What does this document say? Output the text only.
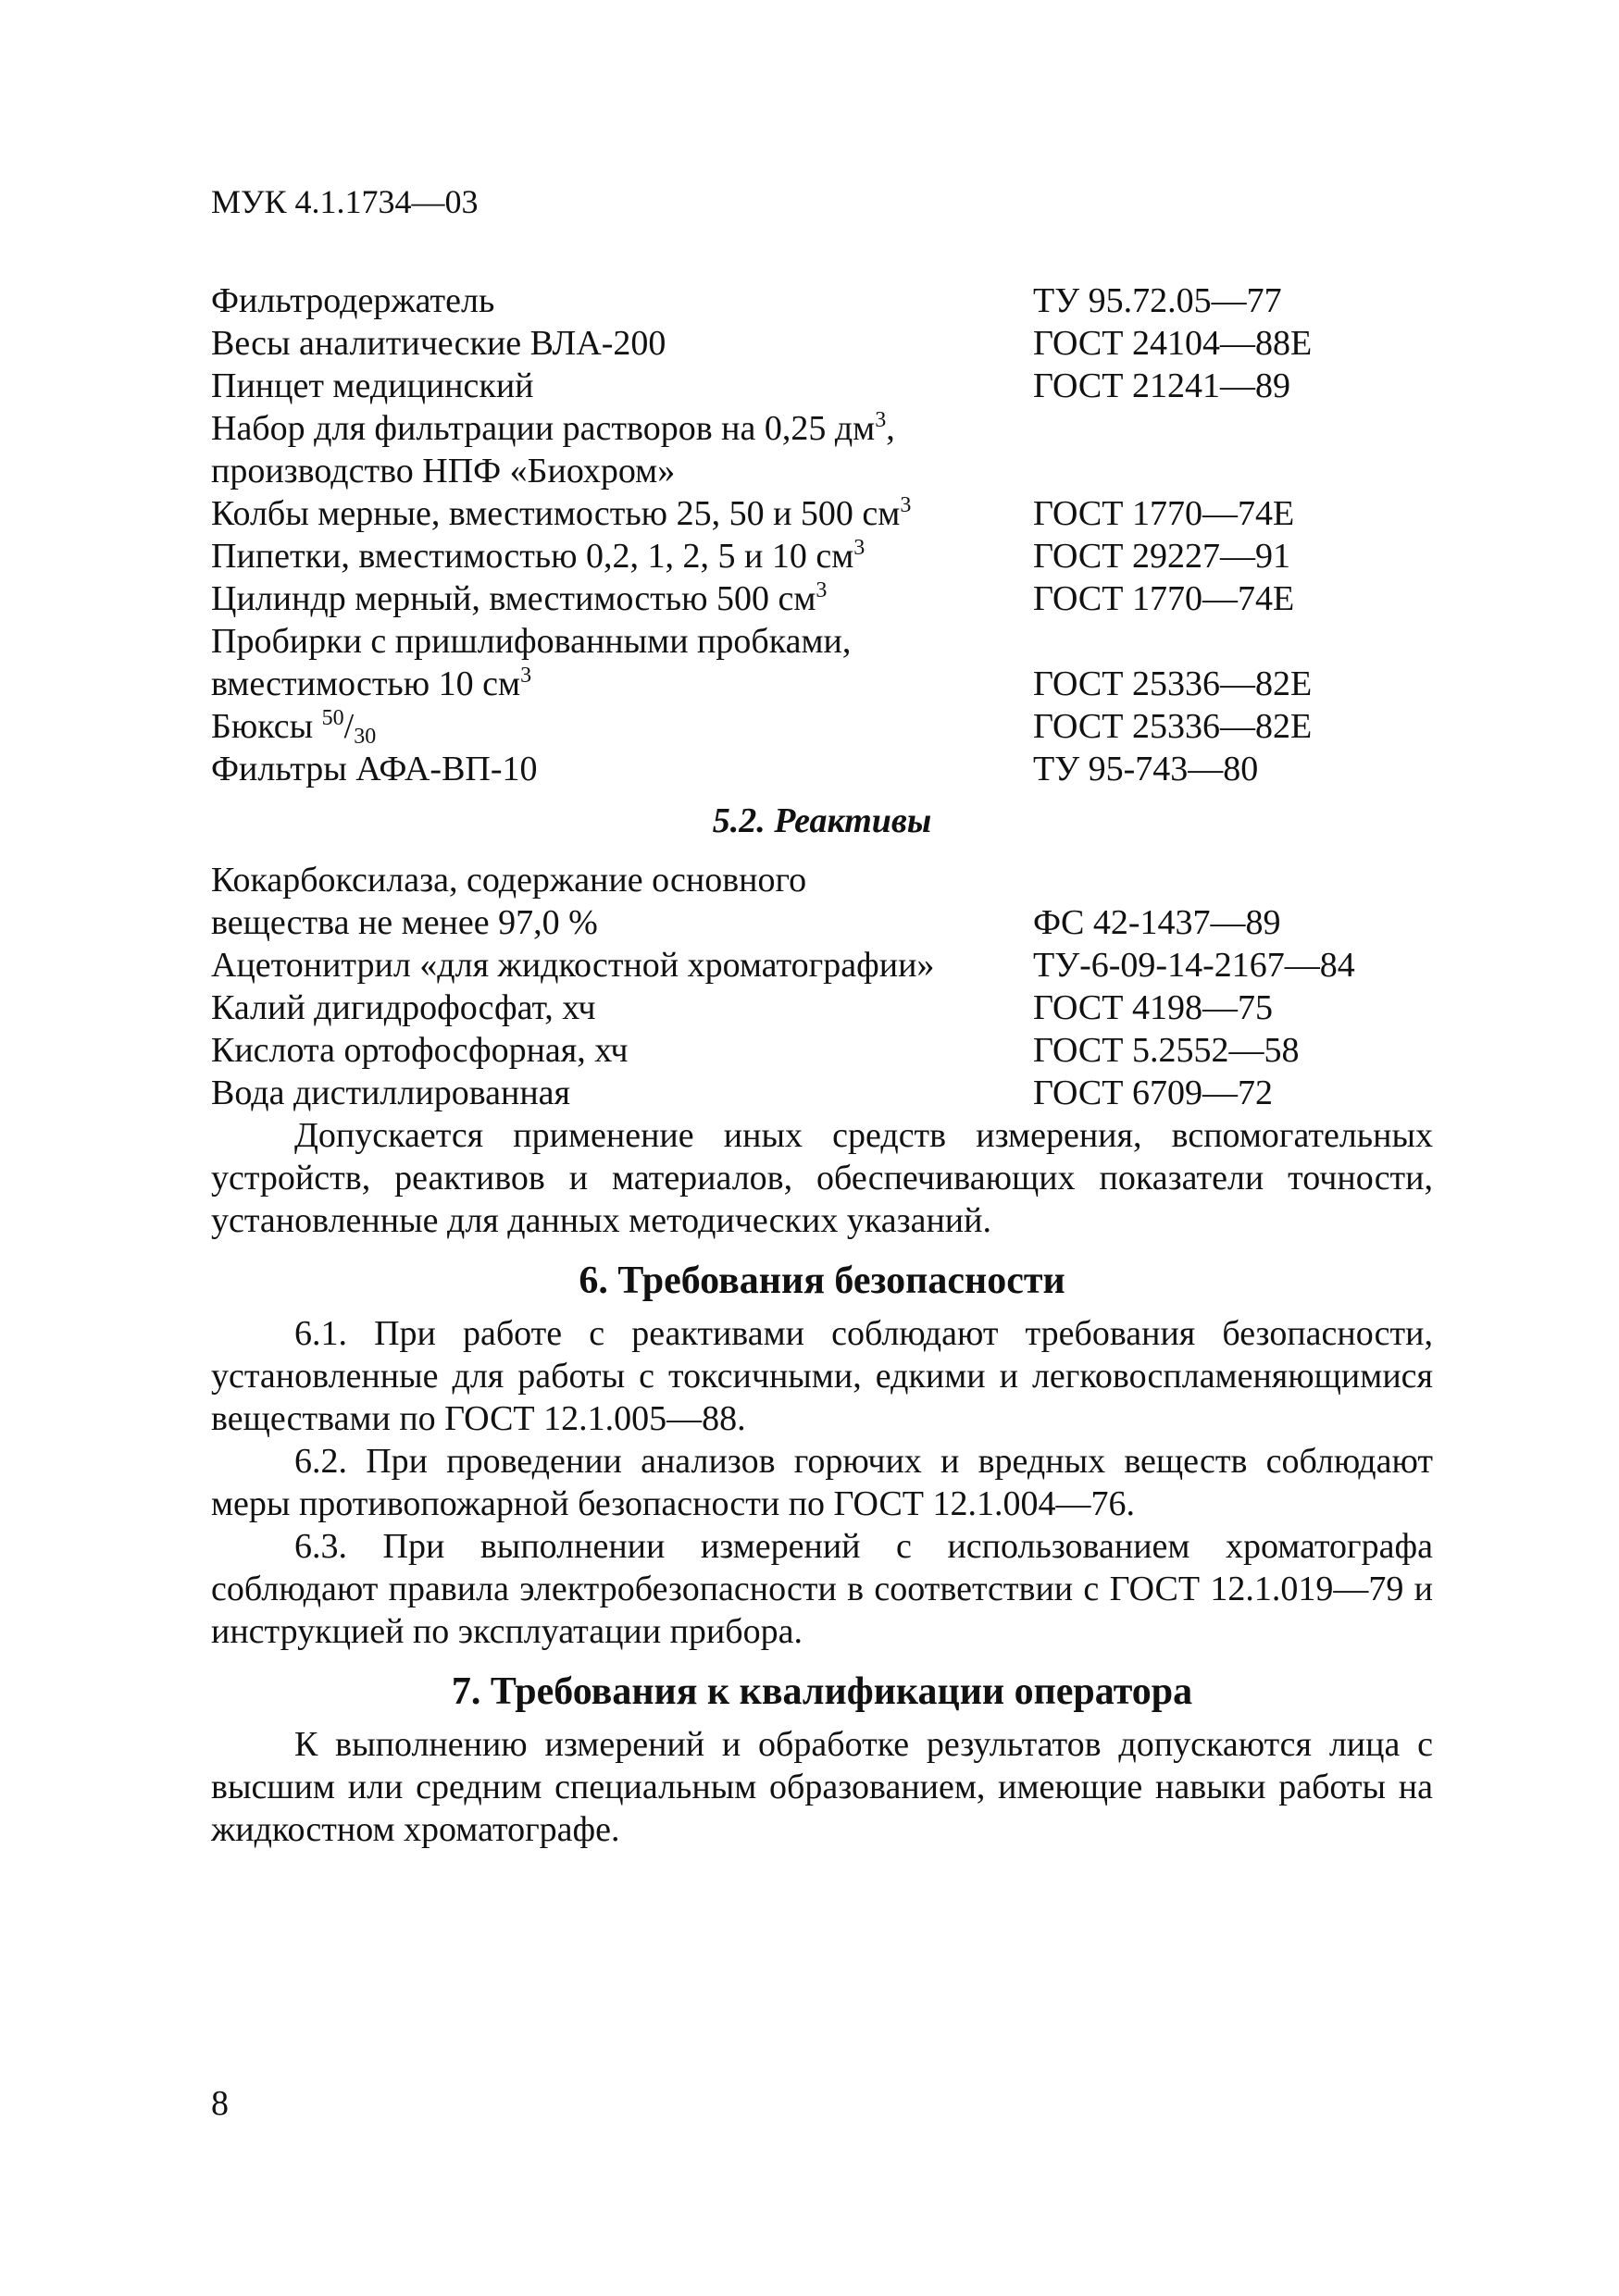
МУК 4.1.1734—03
Фильтродержатель	ТУ 95.72.05—77
Весы аналитические ВЛА-200	ГОСТ 24104—88Е
Пинцет медицинский	ГОСТ 21241—89
Набор для фильтрации растворов на 0,25 $дм^3$,
производство НПФ «Биохром»
Колбы мерные, вместимостью 25, 50 и 500 $см^3$	ГОСТ 1770—74Е
Пипетки, вместимостью 0,2, 1, 2, 5 и 10 $см^3$	ГОСТ 29227—91
Цилиндр мерный, вместимостью 500 $см^3$	ГОСТ 1770—74Е
Пробирки с пришлифованными пробками,
вместимостью 10 $см^3$	ГОСТ 25336—82Е
Бюксы $^{50}/_{30}$	ГОСТ 25336—82Е
Фильтры АФА-ВП-10	ТУ 95-743—80
5.2. Реактивы
Кокарбоксилаза, содержание основного
вещества не менее 97,0 %	ФС 42-1437—89
Ацетонитрил «для жидкостной хроматографии»	ТУ-6-09-14-2167—84
Калий дигидрофосфат, хч	ГОСТ 4198—75
Кислота ортофосфорная, хч	ГОСТ 5.2552—58
Вода дистиллированная	ГОСТ 6709—72

Допускается применение иных средств измерения, вспомогательных устройств, реактивов и материалов, обеспечивающих показатели точности, установленные для данных методических указаний.

6. Требования безопасности

6.1. При работе с реактивами соблюдают требования безопасности, установленные для работы с токсичными, едкими и легковоспламеняющимися веществами по ГОСТ 12.1.005—88.

6.2. При проведении анализов горючих и вредных веществ соблюдают меры противопожарной безопасности по ГОСТ 12.1.004—76.

6.3. При выполнении измерений с использованием хроматографа соблюдают правила электробезопасности в соответствии с ГОСТ 12.1.019—79 и инструкцией по эксплуатации прибора.

7. Требования к квалификации оператора

К выполнению измерений и обработке результатов допускаются лица с высшим или средним специальным образованием, имеющие навыки работы на жидкостном хроматографе.

8
